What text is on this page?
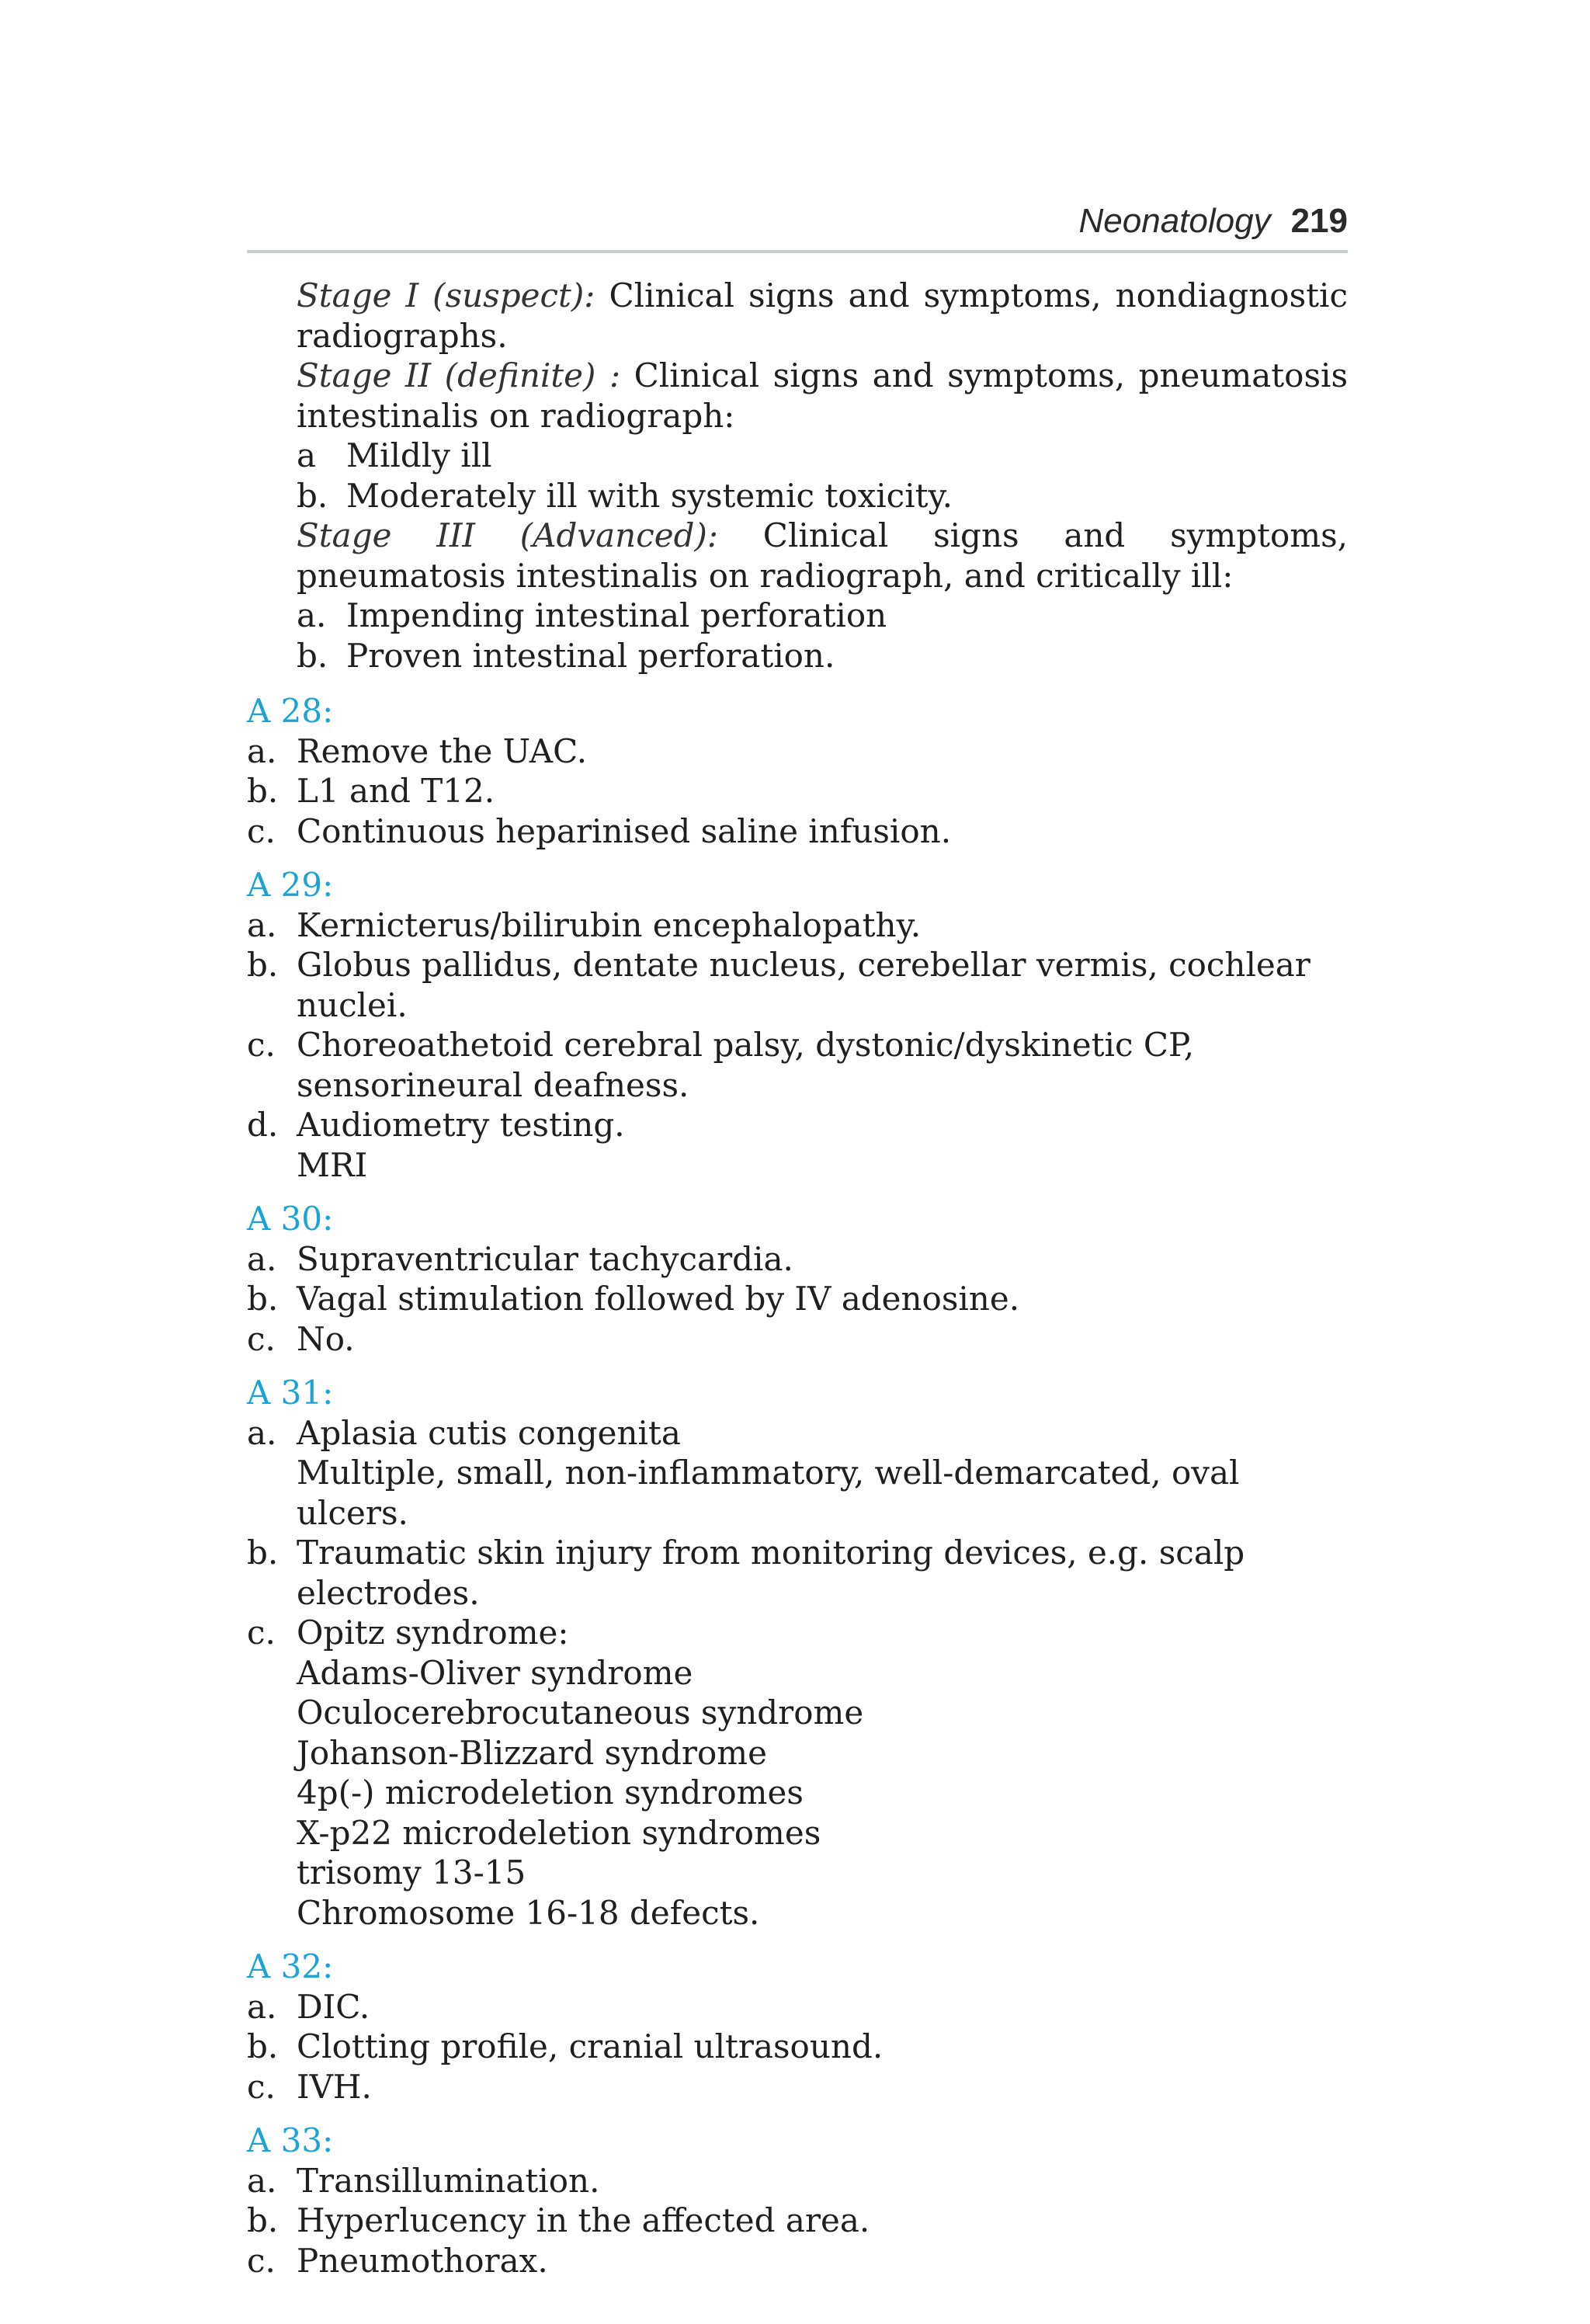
Neonatology 219
Stage I (suspect): Clinical signs and symptoms, nondiagnostic radiographs.
Stage II (definite) : Clinical signs and symptoms, pneumatosis intestinalis on radiograph:
a Mildly ill
b. Moderately ill with systemic toxicity.
Stage III (Advanced): Clinical signs and symptoms, pneumatosis intestinalis on radiograph, and critically ill:
a. Impending intestinal perforation
b. Proven intestinal perforation.
A 28:
a. Remove the UAC.
b. L1 and T12.
c. Continuous heparinised saline infusion.
A 29:
a. Kernicterus/bilirubin encephalopathy.
b. Globus pallidus, dentate nucleus, cerebellar vermis, cochlear nuclei.
c. Choreoathetoid cerebral palsy, dystonic/dyskinetic CP, sensorineural deafness.
d. Audiometry testing.
MRI
A 30:
a. Supraventricular tachycardia.
b. Vagal stimulation followed by IV adenosine.
c. No.
A 31:
a. Aplasia cutis congenita
Multiple, small, non-inflammatory, well-demarcated, oval ulcers.
b. Traumatic skin injury from monitoring devices, e.g. scalp electrodes.
c. Opitz syndrome:
Adams-Oliver syndrome
Oculocerebrocutaneous syndrome
Johanson-Blizzard syndrome
4p(-) microdeletion syndromes
X-p22 microdeletion syndromes
trisomy 13-15
Chromosome 16-18 defects.
A 32:
a. DIC.
b. Clotting profile, cranial ultrasound.
c. IVH.
A 33:
a. Transillumination.
b. Hyperlucency in the affected area.
c. Pneumothorax.
